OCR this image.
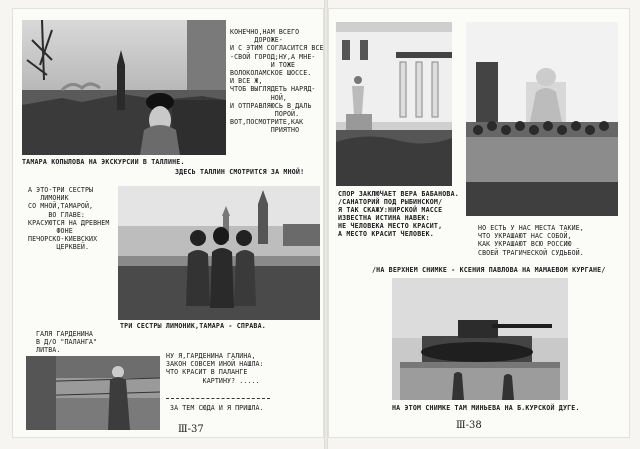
КОНЕЧНО,НАМ ВСЕГО
ДОРОЖЕ-
И С ЭТИМ СОГЛАСИТСЯ ВСЕ
-СВОЙ ГОРОД;НУ,А МНЕ-
И ТОЖЕ
ВОЛОКОЛАМСКОЕ ШОССЕ.
И ВСЕ Ж,
ЧТОБ ВЫГЛЯДЕТЬ НАРЯД-
НОЙ,
И ОТПРАВЛЯЮСЬ В ДАЛЬ
ПОРОЙ.
ВОТ,ПОСМОТРИТЕ,КАК
ПРИЯТНО
ТАМАРА КОПЫЛОВА НА ЭКСКУРСИИ В ТАЛЛИНЕ.
ЗДЕСЬ ТАЛЛИН СМОТРИТСЯ ЗА МНОЙ!
А ЭТО-ТРИ СЕСТРЫ
ЛИМОНИК
СО МНОЙ,ТАМАРОЙ,
ВО ГЛАВЕ:
КРАСУЮТСЯ НА ДРЕВНЕМ
ФОНЕ
ПЕЧОРСКО-КИЕВСКИХ
ЦЕРКВЕЙ.
ТРИ СЕСТРЫ ЛИМОНИК,ТАМАРА - СПРАВА.
ГАЛЯ ГАРДЕНИНА
В Д/О "ПАЛАНГА"
ЛИТВА.
НУ Я,ГАРДЕНИНА ГАЛИНА,
ЗАКОН СОВСЕМ ИНОЙ НАШЛА:
ЧТО КРАСИТ В ПАЛАНГЕ
КАРТИНУ? .....
ЗА ТЕМ СЮДА И Я ПРИШЛА.
Ⅲ-37
СПОР ЗАКЛЮЧАЕТ ВЕРА БАБАНОВА.
/САНАТОРИЙ ПОД РЫБИНСКОМ/
Я ТАК СКАЖУ:НИРСКОЙ МАССЕ
ИЗВЕСТНА ИСТИНА НАВЕК:
НЕ ЧЕЛОВЕКА МЕСТО КРАСИТ,
А МЕСТО КРАСИТ ЧЕЛОВЕК.
НО ЕСТЬ У НАС МЕСТА ТАКИЕ,
ЧТО УКРАШАЮТ НАС СОБОЙ,
КАК УКРАШАЮТ ВСЮ РОССИЮ
СВОЕЙ ТРАГИЧЕСКОЙ СУДЬБОЙ.
/НА ВЕРХНЕМ СНИМКЕ - КСЕНИЯ ПАВЛОВА НА МАМАЕВОМ КУРГАНЕ/
НА ЭТОМ СНИМКЕ ТАМ МИНЬЕВА НА Б.КУРСКОЙ ДУГЕ.
Ⅲ-38
